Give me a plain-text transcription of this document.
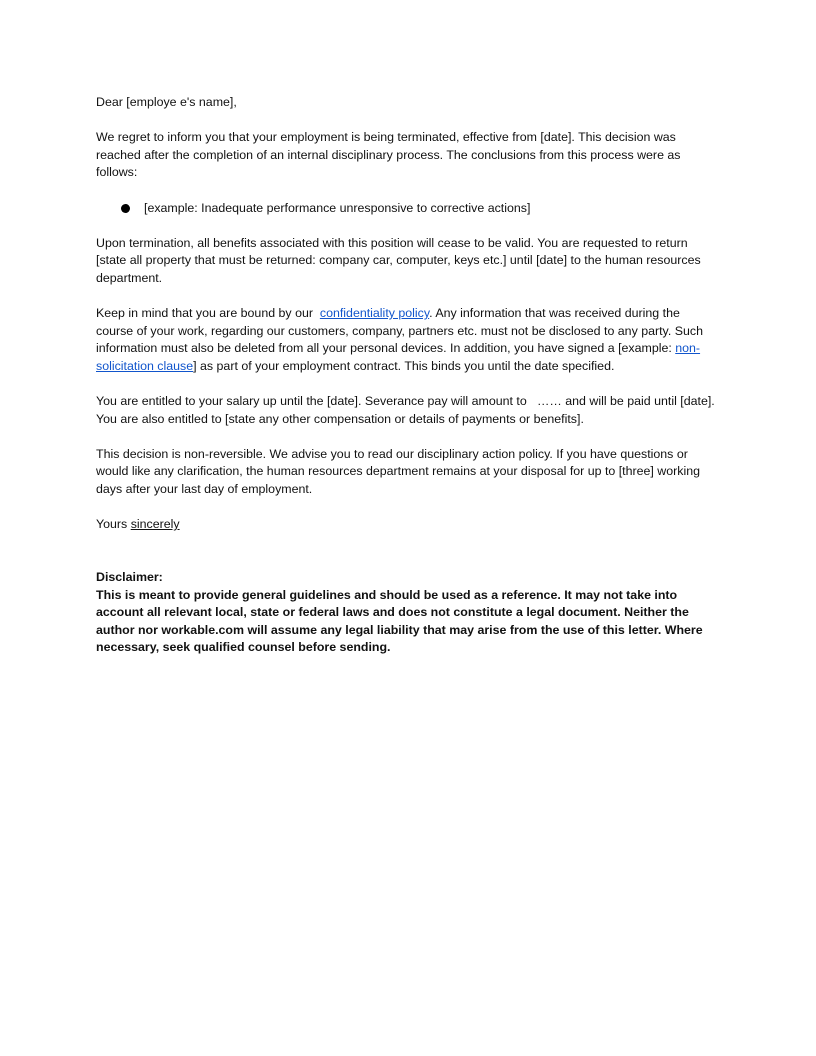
Dear [employe e's name],

We regret to inform you that your employment is being terminated, effective from [date]. This decision was reached after the completion of an internal disciplinary process. The conclusions from this process were as follows:

[example: Inadequate performance unresponsive to corrective actions]

Upon termination, all benefits associated with this position will cease to be valid. You are requested to return [state all property that must be returned: company car, computer, keys etc.] until [date] to the human resources department.

Keep in mind that you are bound by our  confidentiality policy. Any information that was received during the course of your work, regarding our customers, company, partners etc. must not be disclosed to any party. Such information must also be deleted from all your personal devices. In addition, you have signed a [example: non-solicitation clause] as part of your employment contract. This binds you until the date specified.

You are entitled to your salary up until the [date]. Severance pay will amount to   …… and will be paid until [date]. You are also entitled to [state any other compensation or details of payments or benefits].

This decision is non-reversible. We advise you to read our disciplinary action policy. If you have questions or would like any clarification, the human resources department remains at your disposal for up to [three] working days after your last day of employment.

Yours sincerely

Disclaimer:

This is meant to provide general guidelines and should be used as a reference. It may not take into account all relevant local, state or federal laws and does not constitute a legal document. Neither the author nor workable.com will assume any legal liability that may arise from the use of this letter. Where necessary, seek qualified counsel before sending.
